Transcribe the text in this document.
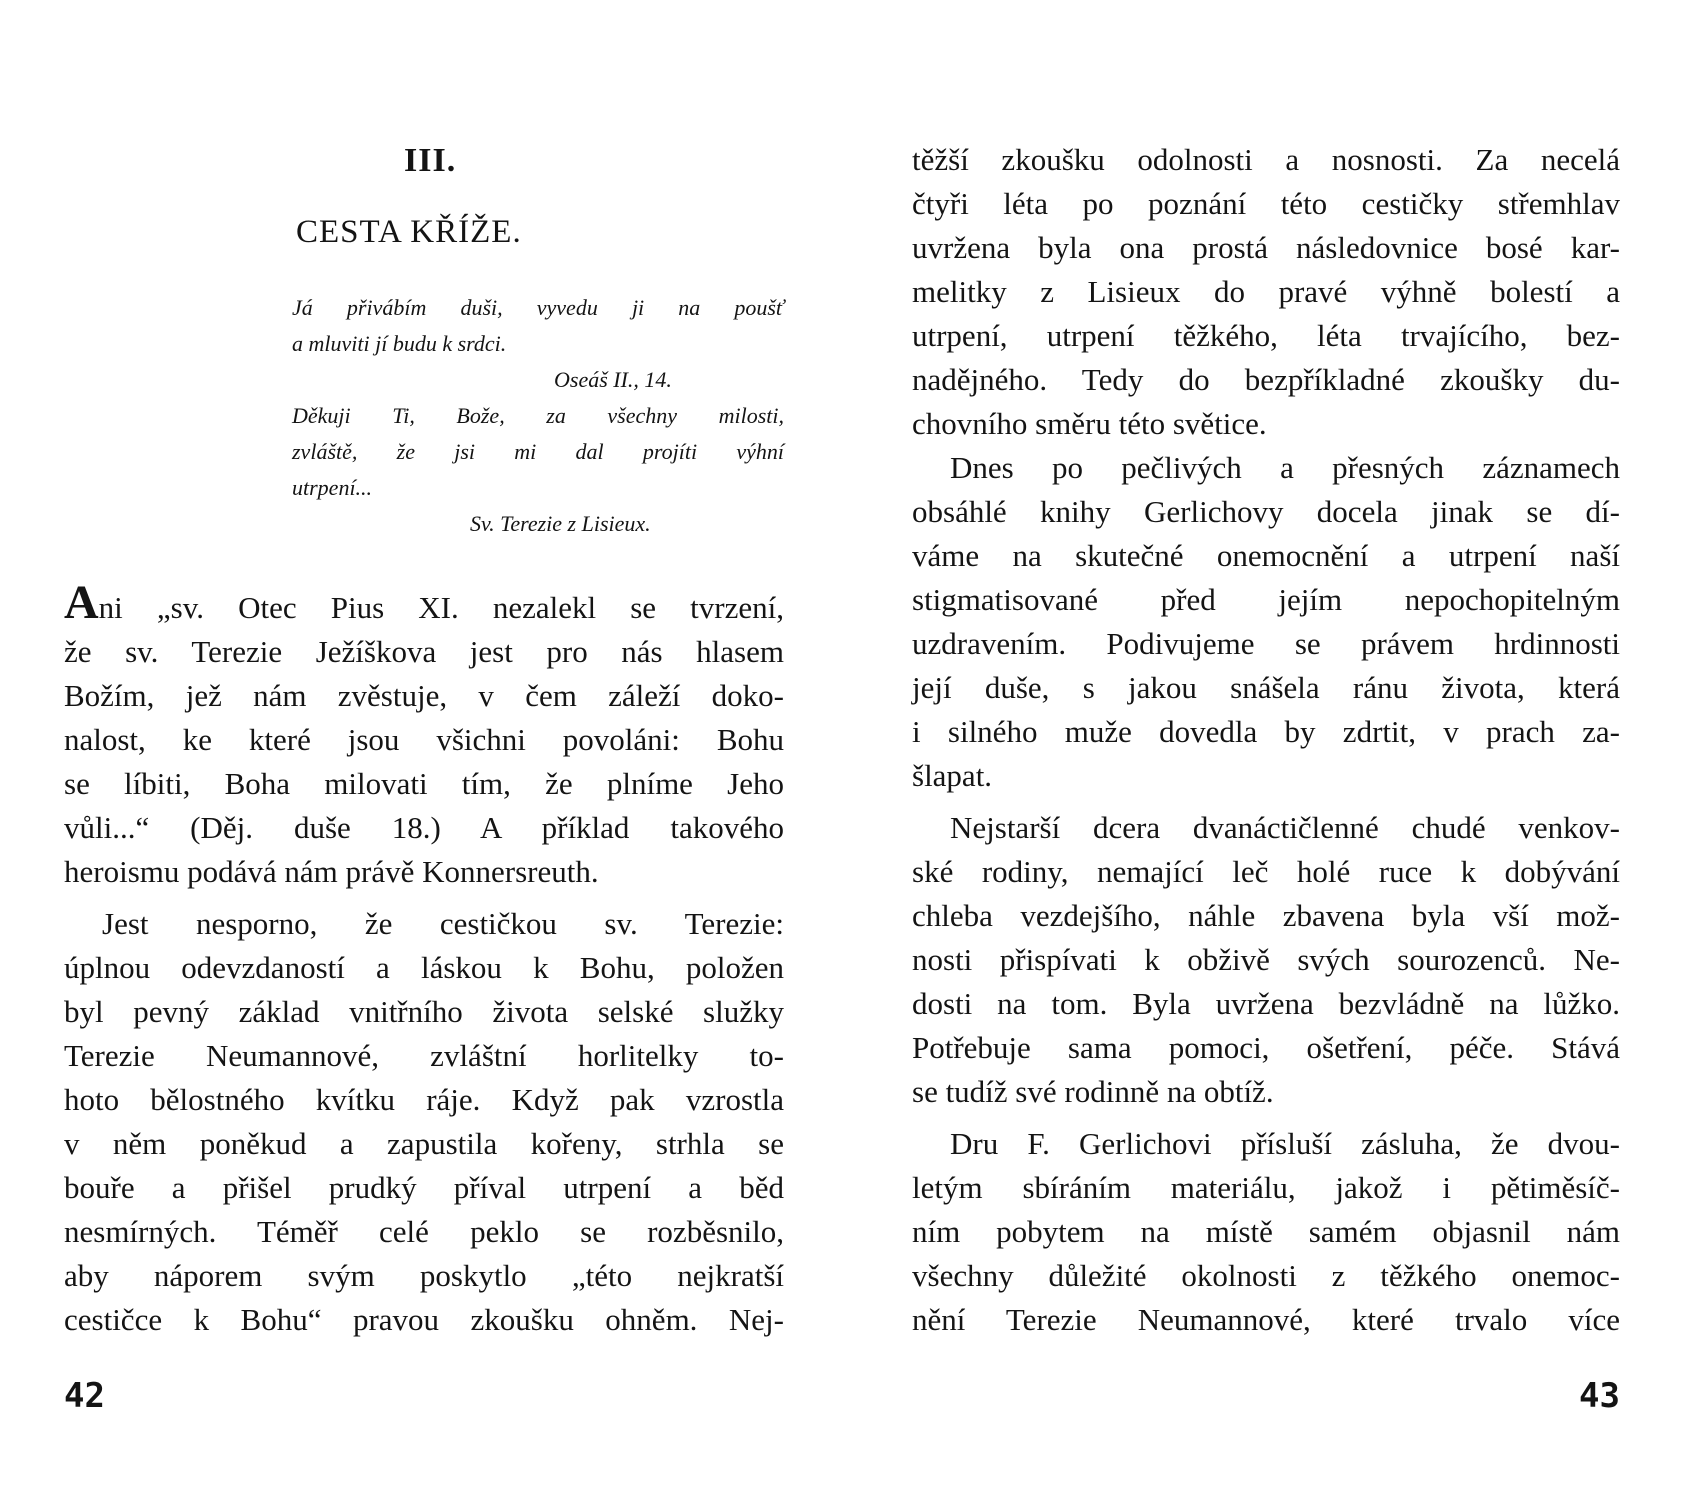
III.
CESTA KŘÍŽE.
Já přivábím duši, vyvedu ji na poušť
a mluviti jí budu k srdci.
Oseáš II., 14.
Děkuji Ti, Bože, za všechny milosti,
zvláště, že jsi mi dal projíti výhní
utrpení...
Sv. Terezie z Lisieux.
Ani „sv. Otec Pius XI. nezalekl se tvrzení,
že sv. Terezie Ježíškova jest pro nás hlasem
Božím, jež nám zvěstuje, v čem záleží doko-
nalost, ke které jsou všichni povoláni: Bohu
se líbiti, Boha milovati tím, že plníme Jeho
vůli...“ (Děj. duše 18.) A příklad takového
heroismu podává nám právě Konnersreuth.
Jest nesporno, že cestičkou sv. Terezie:
úplnou odevzdaností a láskou k Bohu, položen
byl pevný základ vnitřního života selské služky
Terezie Neumannové, zvláštní horlitelky to-
hoto bělostného kvítku ráje. Když pak vzrostla
v něm poněkud a zapustila kořeny, strhla se
bouře a přišel prudký příval utrpení a běd
nesmírných. Téměř celé peklo se rozběsnilo,
aby náporem svým poskytlo „této nejkratší
cestičce k Bohu“ pravou zkoušku ohněm. Nej-
42
těžší zkoušku odolnosti a nosnosti. Za necelá
čtyři léta po poznání této cestičky střemhlav
uvržena byla ona prostá následovnice bosé kar-
melitky z Lisieux do pravé výhně bolestí a
utrpení, utrpení těžkého, léta trvajícího, bez-
nadějného. Tedy do bezpříkladné zkoušky du-
chovního směru této světice.
Dnes po pečlivých a přesných záznamech
obsáhlé knihy Gerlichovy docela jinak se dí-
váme na skutečné onemocnění a utrpení naší
stigmatisované před jejím nepochopitelným
uzdravením. Podivujeme se právem hrdinnosti
její duše, s jakou snášela ránu života, která
i silného muže dovedla by zdrtit, v prach za-
šlapat.
Nejstarší dcera dvanáctičlenné chudé venkov-
ské rodiny, nemající leč holé ruce k dobývání
chleba vezdejšího, náhle zbavena byla vší mož-
nosti přispívati k obživě svých sourozenců. Ne-
dosti na tom. Byla uvržena bezvládně na lůžko.
Potřebuje sama pomoci, ošetření, péče. Stává
se tudíž své rodinně na obtíž.
Dru F. Gerlichovi přísluší zásluha, že dvou-
letým sbíráním materiálu, jakož i pětiměsíč-
ním pobytem na místě samém objasnil nám
všechny důležité okolnosti z těžkého onemoc-
nění Terezie Neumannové, které trvalo více
43
